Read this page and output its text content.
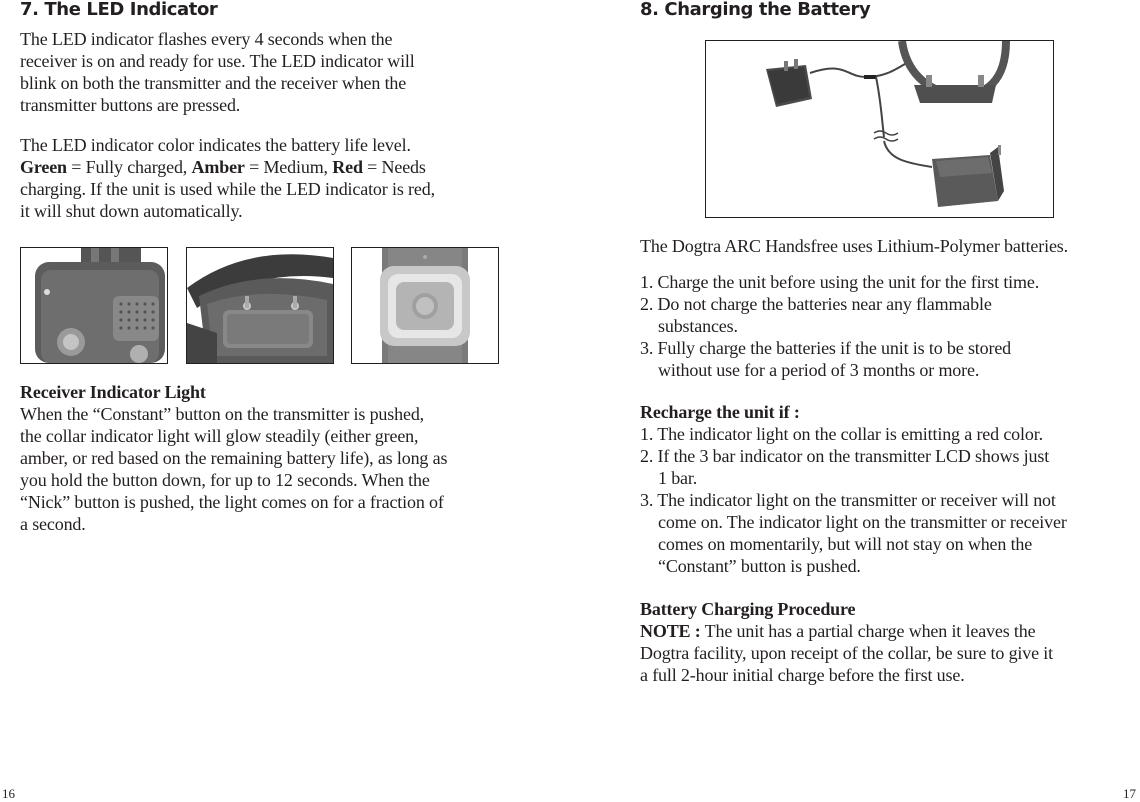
7. The LED Indicator

The LED indicator flashes every 4 seconds when the
receiver is on and ready for use. The LED indicator will
blink on both the transmitter and the receiver when the
transmitter buttons are pressed.

The LED indicator color indicates the battery life level.
Green = Fully charged, Amber = Medium, Red = Needs
charging. If the unit is used while the LED indicator is red,
it will shut down automatically.

Receiver Indicator Light
When the “Constant” button on the transmitter is pushed,
the collar indicator light will glow steadily (either green,
amber, or red based on the remaining battery life), as long as
you hold the button down, for up to 12 seconds. When the
“Nick” button is pushed, the light comes on for a fraction of
a second.

16
8. Charging the Battery

The Dogtra ARC Handsfree uses Lithium-Polymer batteries.

1. Charge the unit before using the unit for the first time.
2. Do not charge the batteries near any flammable
substances.
3. Fully charge the batteries if the unit is to be stored
without use for a period of 3 months or more.

Recharge the unit if :
1. The indicator light on the collar is emitting a red color.
2. If the 3 bar indicator on the transmitter LCD shows just
1 bar.
3. The indicator light on the transmitter or receiver will not
come on. The indicator light on the transmitter or receiver
comes on momentarily, but will not stay on when the
“Constant” button is pushed.

Battery Charging Procedure
NOTE : The unit has a partial charge when it leaves the
Dogtra facility, upon receipt of the collar, be sure to give it
a full 2-hour initial charge before the first use.

17
